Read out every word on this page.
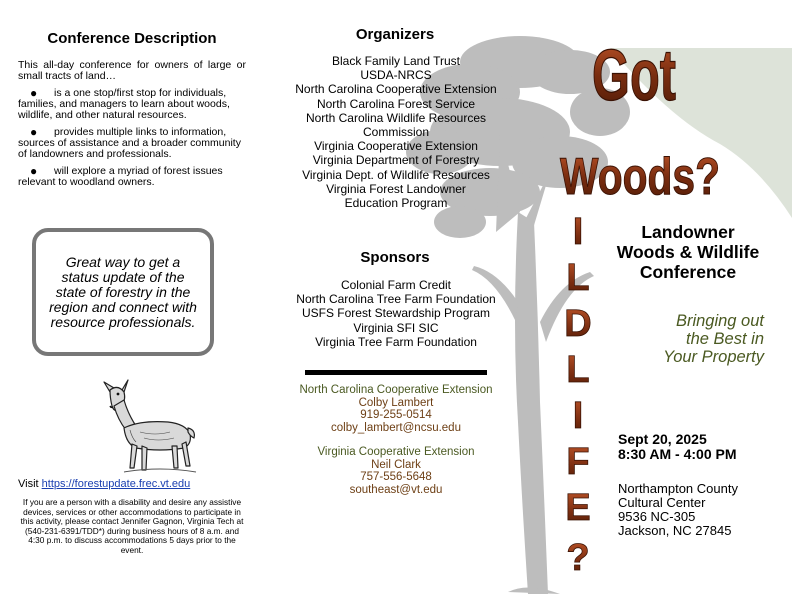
Conference Description
This all-day conference for owners of large or small tracts of land…
● is a one stop/first stop for individuals, families, and managers to learn about woods, wildlife, and other natural resources.
● provides multiple links to information, sources of assistance and a broader community of landowners and professionals.
● will explore a myriad of forest issues relevant to woodland owners.
Great way to get a status update of the state of forestry in the region and connect with resource professionals.
Visit https://forestupdate.frec.vt.edu
If you are a person with a disability and desire any assistive devices, services or other accommodations to participate in this activity, please contact Jennifer Gagnon, Virginia Tech at (540-231-6391/TDD*) during business hours of 8 a.m. and 4:30 p.m. to discuss accommodations 5 days prior to the event.
Got
Woods?
I
L
D
L
I
F
E
?
Organizers
Black Family Land Trust
USDA-NRCS
North Carolina Cooperative Extension
North Carolina Forest Service
North Carolina Wildlife Resources Commission
Virginia Cooperative Extension
Virginia Department of Forestry
Virginia Dept. of Wildlife Resources
Virginia Forest Landowner Education Program
Sponsors
Colonial Farm Credit
North Carolina Tree Farm Foundation
USFS Forest Stewardship Program
Virginia SFI SIC
Virginia Tree Farm Foundation
North Carolina Cooperative Extension
Colby Lambert
919-255-0514
colby_lambert@ncsu.edu
Virginia Cooperative Extension
Neil Clark
757-556-5648
southeast@vt.edu
Landowner
Woods & Wildlife
Conference
Bringing out
the Best in
Your Property
Sept 20, 2025
8:30 AM - 4:00 PM
Northampton County
Cultural Center
9536 NC-305
Jackson, NC 27845
